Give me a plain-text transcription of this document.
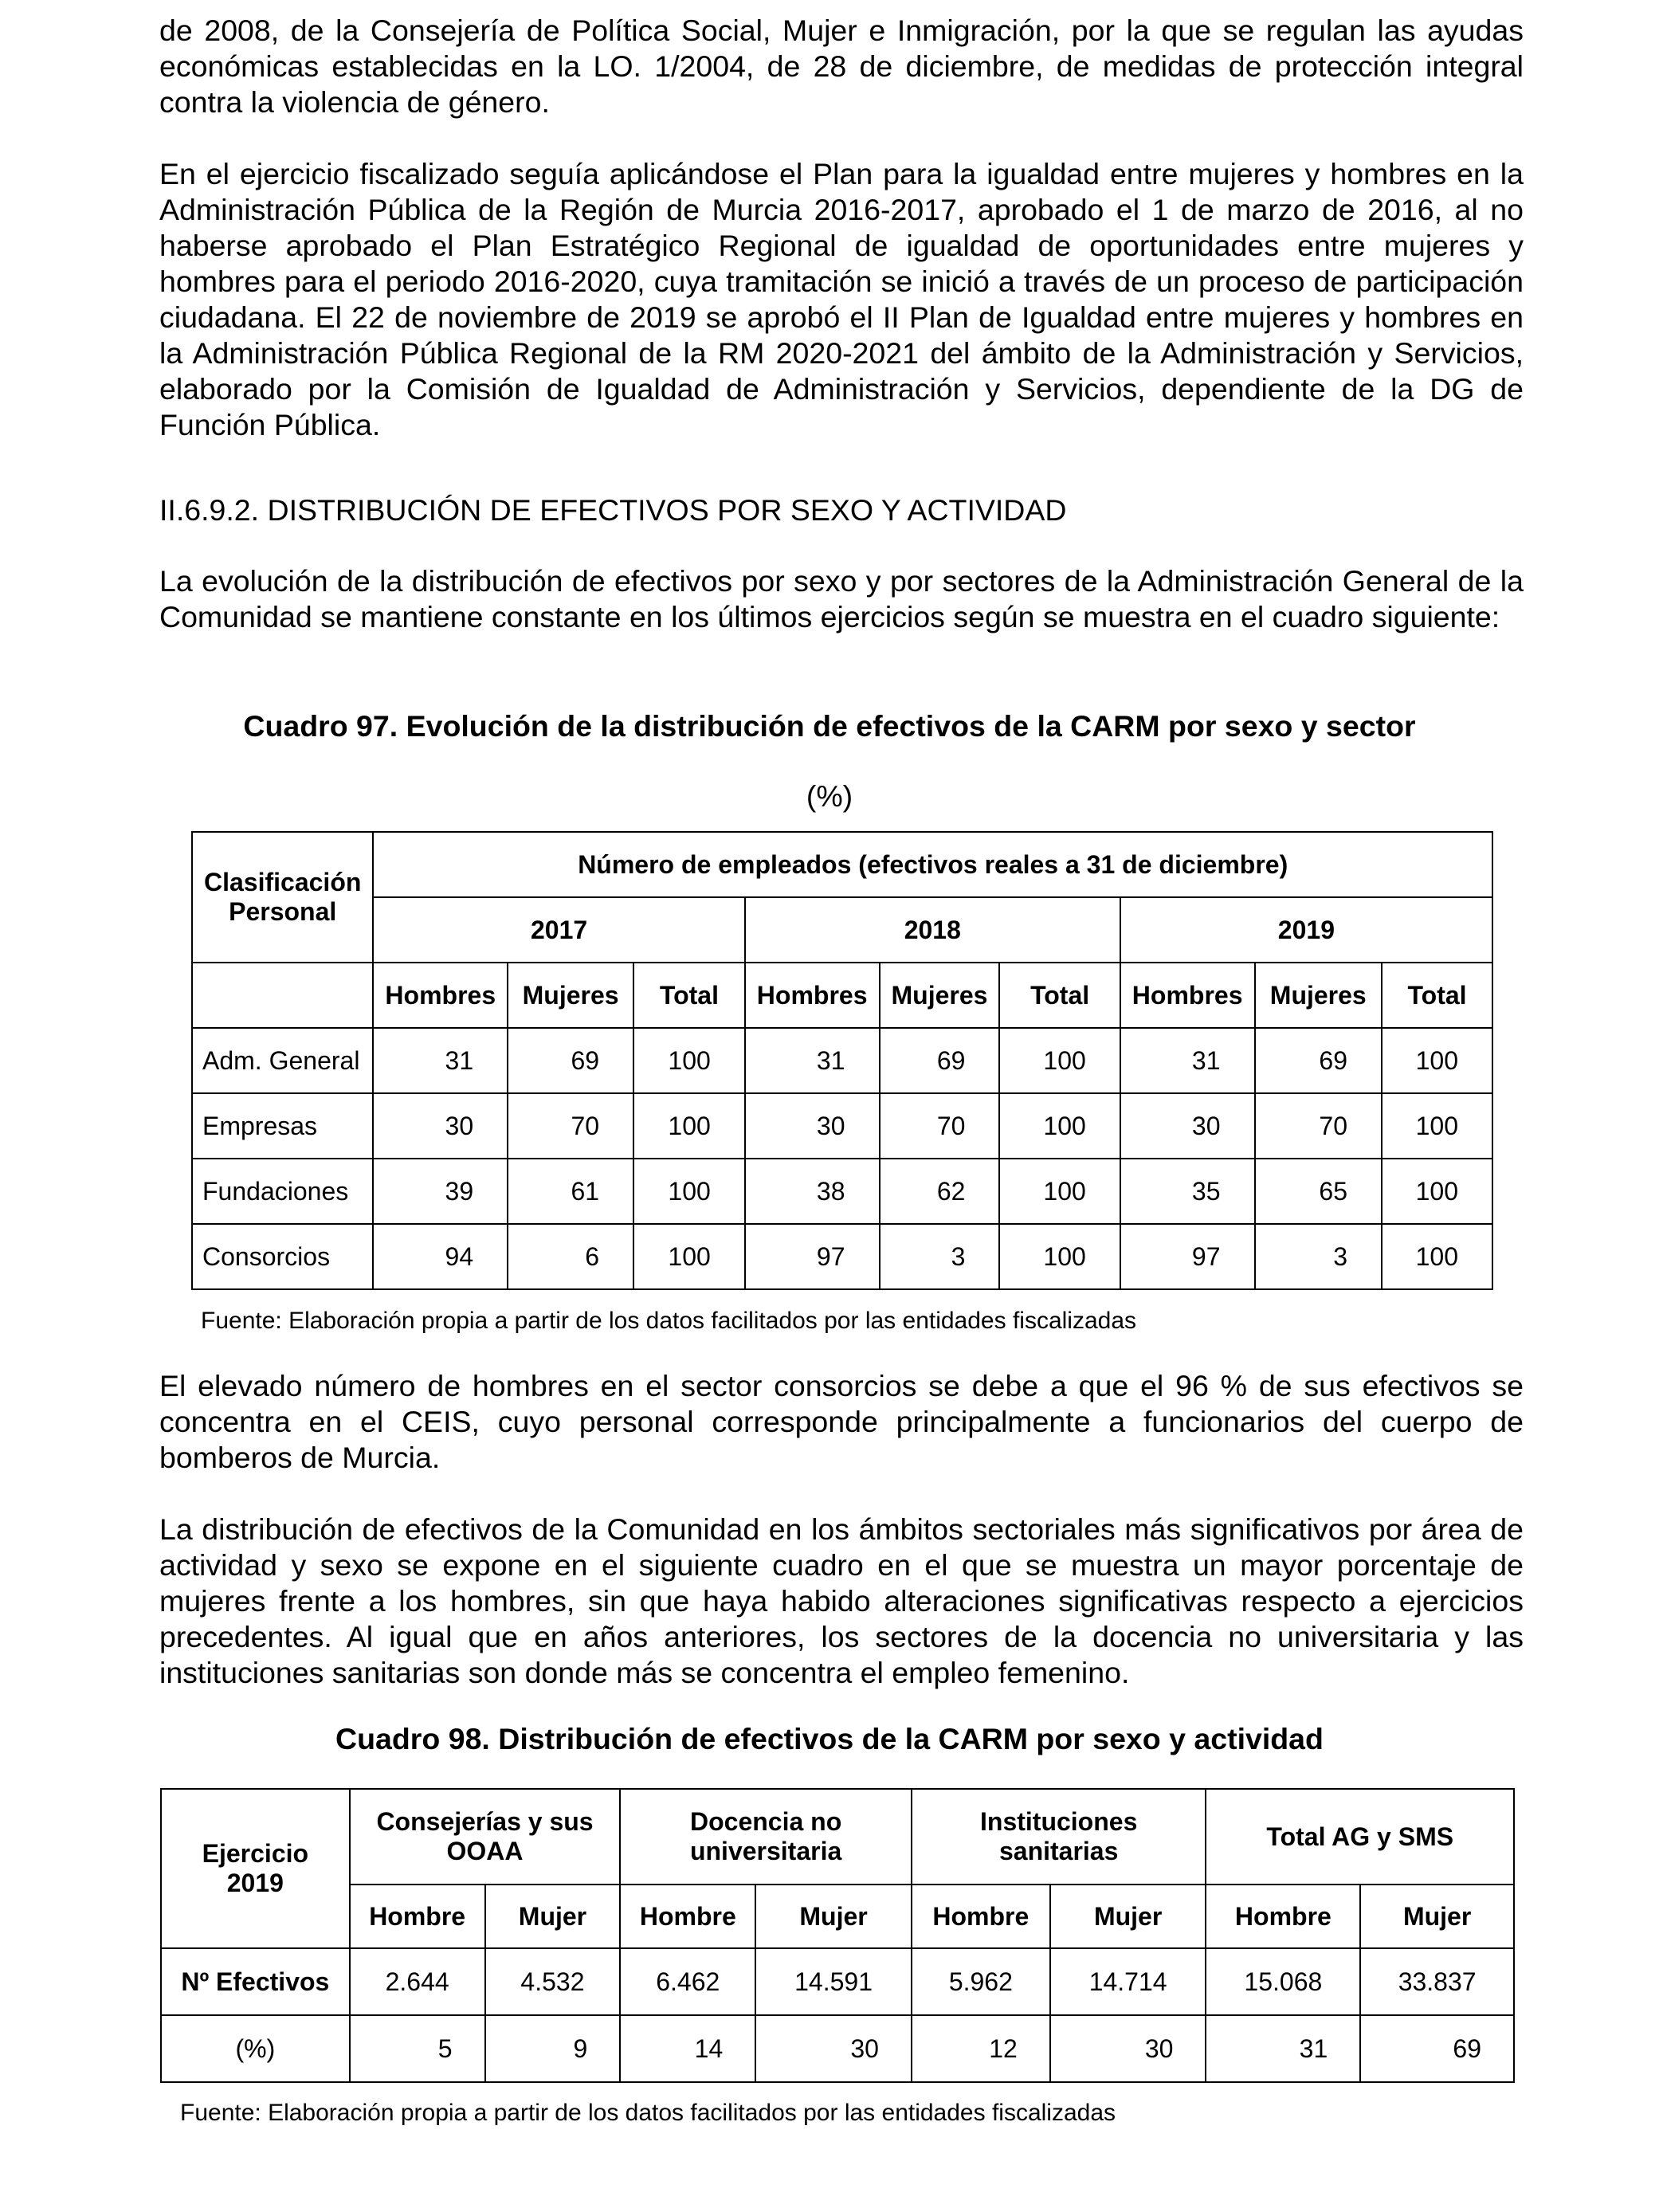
de 2008, de la Consejería de Política Social, Mujer e Inmigración, por la que se regulan las ayudas económicas establecidas en la LO. 1/2004, de 28 de diciembre, de medidas de protección integral contra la violencia de género.

En el ejercicio fiscalizado seguía aplicándose el Plan para la igualdad entre mujeres y hombres en la Administración Pública de la Región de Murcia 2016-2017, aprobado el 1 de marzo de 2016, al no haberse aprobado el Plan Estratégico Regional de igualdad de oportunidades entre mujeres y hombres para el periodo 2016-2020, cuya tramitación se inició a través de un proceso de participación ciudadana. El 22 de noviembre de 2019 se aprobó el II Plan de Igualdad entre mujeres y hombres en la Administración Pública Regional de la RM 2020-2021 del ámbito de la Administración y Servicios, elaborado por la Comisión de Igualdad de Administración y Servicios, dependiente de la DG de Función Pública.

II.6.9.2. DISTRIBUCIÓN DE EFECTIVOS POR SEXO Y ACTIVIDAD

La evolución de la distribución de efectivos por sexo y por sectores de la Administración General de la Comunidad se mantiene constante en los últimos ejercicios según se muestra en el cuadro siguiente:

Cuadro 97. Evolución de la distribución de efectivos de la CARM por sexo y sector

(%)

Clasificación Personal	Número de empleados (efectivos reales a 31 de diciembre)								
	2017			2018			2019		
	Hombres	Mujeres	Total	Hombres	Mujeres	Total	Hombres	Mujeres	Total
Adm. General	31	69	100	31	69	100	31	69	100
Empresas	30	70	100	30	70	100	30	70	100
Fundaciones	39	61	100	38	62	100	35	65	100
Consorcios	94	6	100	97	3	100	97	3	100

Fuente: Elaboración propia a partir de los datos facilitados por las entidades fiscalizadas

El elevado número de hombres en el sector consorcios se debe a que el 96 % de sus efectivos se concentra en el CEIS, cuyo personal corresponde principalmente a funcionarios del cuerpo de bomberos de Murcia.

La distribución de efectivos de la Comunidad en los ámbitos sectoriales más significativos por área de actividad y sexo se expone en el siguiente cuadro en el que se muestra un mayor porcentaje de mujeres frente a los hombres, sin que haya habido alteraciones significativas respecto a ejercicios precedentes. Al igual que en años anteriores, los sectores de la docencia no universitaria y las instituciones sanitarias son donde más se concentra el empleo femenino.

Cuadro 98. Distribución de efectivos de la CARM por sexo y actividad

Ejercicio 2019	Consejerías y sus OOAA		Docencia no universitaria		Instituciones sanitarias		Total AG y SMS	
	Hombre	Mujer	Hombre	Mujer	Hombre	Mujer	Hombre	Mujer
Nº Efectivos	2.644	4.532	6.462	14.591	5.962	14.714	15.068	33.837
(%)	5	9	14	30	12	30	31	69

Fuente: Elaboración propia a partir de los datos facilitados por las entidades fiscalizadas
